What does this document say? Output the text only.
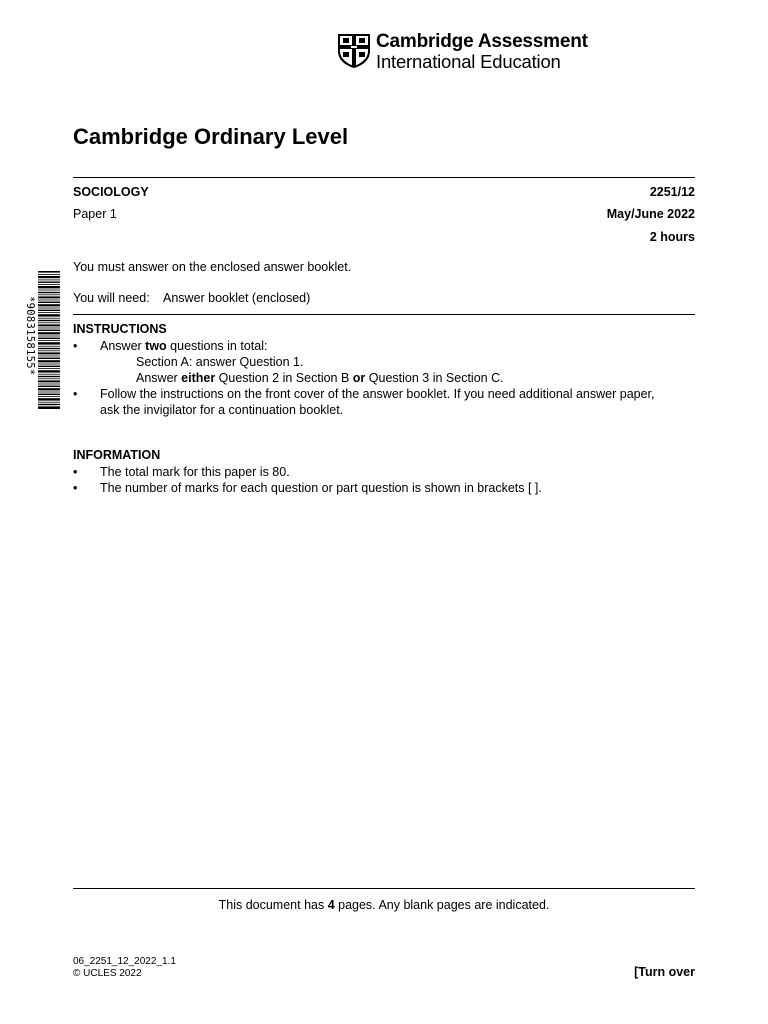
Cambridge Assessment
International Education
Cambridge Ordinary Level
SOCIOLOGY	2251/12
Paper 1	May/June 2022
2 hours
*9083158155*
You must answer on the enclosed answer booklet.
You will need: Answer booklet (enclosed)
INSTRUCTIONS
• Answer two questions in total:
Section A: answer Question 1.
Answer either Question 2 in Section B or Question 3 in Section C.
• Follow the instructions on the front cover of the answer booklet. If you need additional answer paper,
ask the invigilator for a continuation booklet.
INFORMATION
• The total mark for this paper is 80.
• The number of marks for each question or part question is shown in brackets [ ].
This document has 4 pages. Any blank pages are indicated.
06_2251_12_2022_1.1
© UCLES 2022	[Turn over
